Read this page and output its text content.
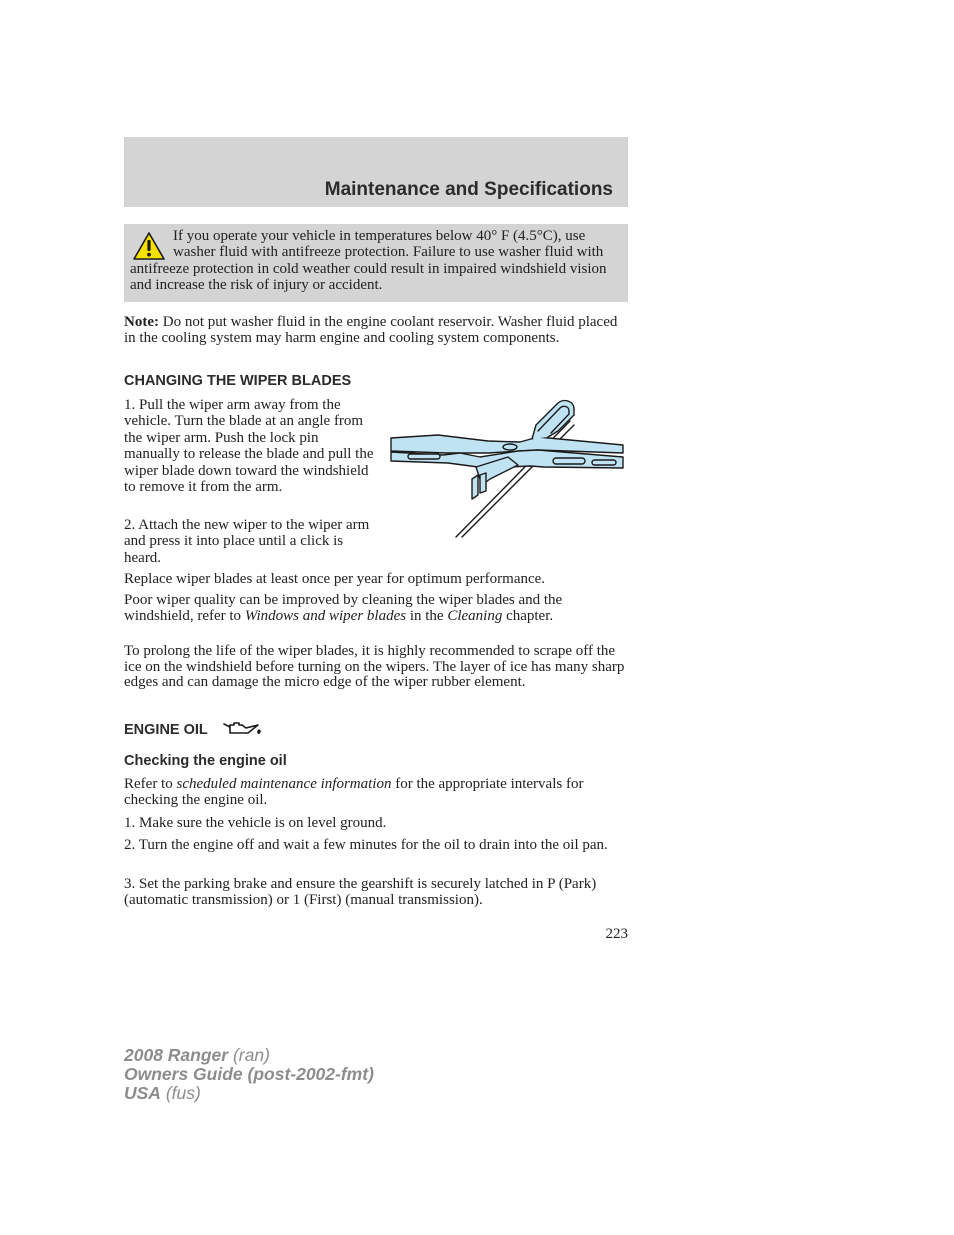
Maintenance and Specifications
If you operate your vehicle in temperatures below 40° F (4.5°C), use washer fluid with antifreeze protection. Failure to use washer fluid with antifreeze protection in cold weather could result in impaired windshield vision and increase the risk of injury or accident.

Note: Do not put washer fluid in the engine coolant reservoir. Washer fluid placed in the cooling system may harm engine and cooling system components.

CHANGING THE WIPER BLADES

1. Pull the wiper arm away from the vehicle. Turn the blade at an angle from the wiper arm. Push the lock pin manually to release the blade and pull the wiper blade down toward the windshield to remove it from the arm.

2. Attach the new wiper to the wiper arm and press it into place until a click is heard.

Replace wiper blades at least once per year for optimum performance.

Poor wiper quality can be improved by cleaning the wiper blades and the windshield, refer to Windows and wiper blades in the Cleaning chapter.

To prolong the life of the wiper blades, it is highly recommended to scrape off the ice on the windshield before turning on the wipers. The layer of ice has many sharp edges and can damage the micro edge of the wiper rubber element.

ENGINE OIL
Checking the engine oil

Refer to scheduled maintenance information for the appropriate intervals for checking the engine oil.

1. Make sure the vehicle is on level ground.

2. Turn the engine off and wait a few minutes for the oil to drain into the oil pan.

3. Set the parking brake and ensure the gearshift is securely latched in P (Park) (automatic transmission) or 1 (First) (manual transmission).

223
2008 Ranger (ran)
Owners Guide (post-2002-fmt)
USA (fus)
